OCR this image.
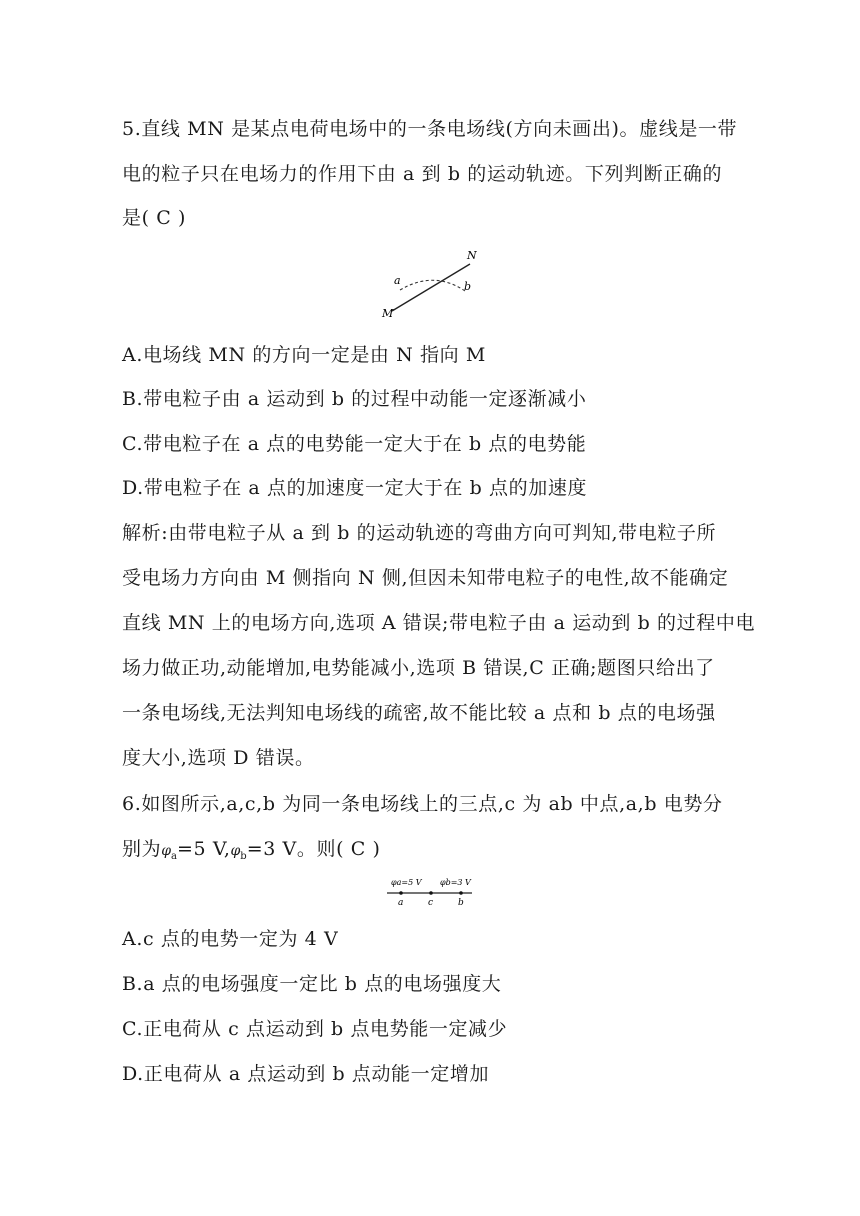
5.直线 MN 是某点电荷电场中的一条电场线(方向未画出)。虚线是一带
电的粒子只在电场力的作用下由 a 到 b 的运动轨迹。下列判断正确的
是( C )
N
M
a	b
A.电场线 MN 的方向一定是由 N 指向 M
B.带电粒子由 a 运动到 b 的过程中动能一定逐渐减小
C.带电粒子在 a 点的电势能一定大于在 b 点的电势能
D.带电粒子在 a 点的加速度一定大于在 b 点的加速度
解析:由带电粒子从 a 到 b 的运动轨迹的弯曲方向可判知,带电粒子所
受电场力方向由 M 侧指向 N 侧,但因未知带电粒子的电性,故不能确定
直线 MN 上的电场方向,选项 A 错误;带电粒子由 a 运动到 b 的过程中电
场力做正功,动能增加,电势能减小,选项 B 错误,C 正确;题图只给出了
一条电场线,无法判知电场线的疏密,故不能比较 a 点和 b 点的电场强
度大小,选项 D 错误。
6.如图所示,a,c,b 为同一条电场线上的三点,c 为 ab 中点,a,b 电势分
别为$\varphi_a=5$ $V,\varphi_b=3$ V。则( C )
φa=5 V φb=3 V
a	c	b
A.c 点的电势一定为 4 V
B.a 点的电场强度一定比 b 点的电场强度大
C.正电荷从 c 点运动到 b 点电势能一定减少
D.正电荷从 a 点运动到 b 点动能一定增加
